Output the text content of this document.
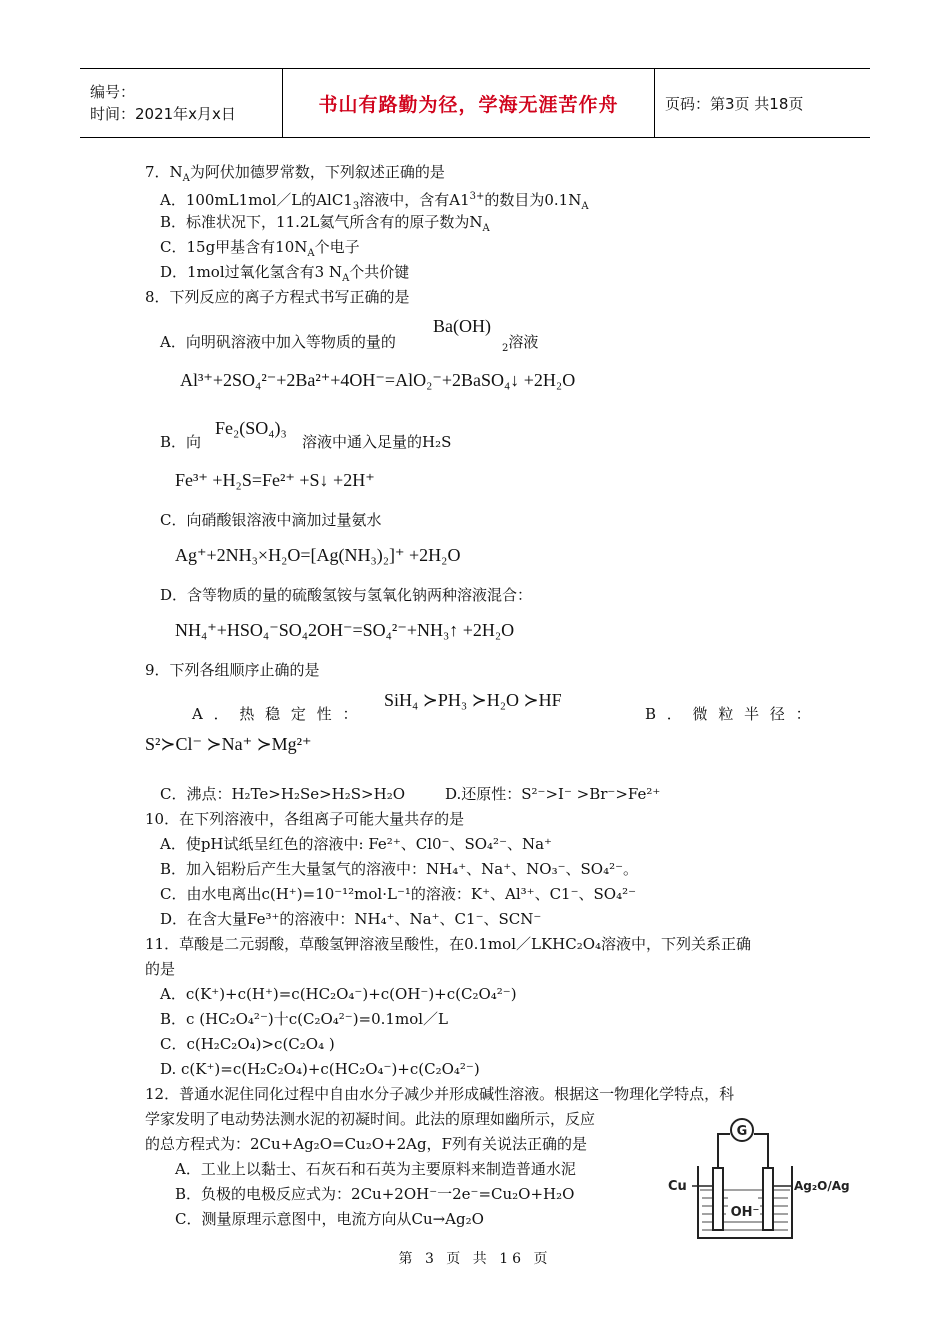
编号：
时间：2021年x月x日	书山有路勤为径，学海无涯苦作舟	页码：第3页 共18页
7．$N_A$为阿伏加德罗常数，下列叙述正确的是
A．100mL1mol／L的$AlC1_3$溶液中，含有$A1^{3+}$的数目为$0.1N_A$
B．标准状况下，11.2L氦气所含有的原子数为$N_A$
C．15g甲基含有$10N_A$个电子
D．1mol过氧化氢含有3 $N_A$个共价键
8．下列反应的离子方程式书写正确的是
A．向明矾溶液中加入等物质的量的
Ba(OH)
$_2$溶液
Al³⁺+2SO₄²⁻+2Ba²⁺+4OH⁻=AlO₂⁻+2BaSO₄↓ +2H₂O
B．向
Fe₂(SO₄)₃
溶液中通入足量的H₂S
Fe³⁺ +H₂S=Fe²⁺ +S↓ +2H⁺
C．向硝酸银溶液中滴加过量氨水
Ag⁺+2NH₃×H₂O=[Ag(NH₃)₂]⁺ +2H₂O
D．含等物质的量的硫酸氢铵与氢氧化钠两种溶液混合：
NH₄⁺+HSO₄⁻SO₄2OH⁻=SO₄²⁻+NH₃↑ +2H₂O
9．下列各组顺序止确的是
A ． 热 稳 定 性 ：
SiH₄ ≻PH₃ ≻H₂O ≻HF
B ． 微 粒 半 径 ：
S²≻Cl⁻ ≻Na⁺ ≻Mg²⁺
C．沸点：H₂Te>H₂Se>H₂S>H₂O	D.还原性：S²⁻>I⁻ >Br⁻>Fe²⁺
10．在下列溶液中，各组离子可能大量共存的是
A．使pH试纸呈红色的溶液中: Fe²⁺、Cl0⁻、SO₄²⁻、Na⁺
B．加入铝粉后产生大量氢气的溶液中：NH₄⁺、Na⁺、NO₃⁻、SO₄²⁻。
C．由水电离出c(H⁺)=10⁻¹²mol·L⁻¹的溶液：K⁺、Al³⁺、C1⁻、SO₄²⁻
D．在含大量Fe³⁺的溶液中：NH₄⁺、Na⁺、C1⁻、SCN⁻
11．草酸是二元弱酸，草酸氢钾溶液呈酸性，在0.1mol／LKHC₂O₄溶液中，下列关系正确
的是
A．c(K⁺)+c(H⁺)=c(HC₂O₄⁻)+c(OH⁻)+c(C₂O₄²⁻)
B．c (HC₂O₄²⁻)十c(C₂O₄²⁻)=0.1mol／L
C．c(H₂C₂O₄)>c(C₂O₄ )
D. c(K⁺)=c(H₂C₂O₄)+c(HC₂O₄⁻)+c(C₂O₄²⁻)
12．普通水泥住同化过程中自由水分子减少并形成碱性溶液。根据这一物理化学特点，科
学家发明了电动势法测水泥的初凝时间。此法的原理如幽所示，反应
的总方程式为：2Cu+Ag₂O=Cu₂O+2Ag，F列有关说法正确的是
A．工业上以黏士、石灰石和石英为主要原料来制造普通水泥
B．负极的电极反应式为：2Cu+2OH⁻一2e⁻=Cu₂O+H₂O
C．测量原理示意图中，电流方向从Cu→Ag₂O
G
OH⁻
Cu	Ag₂O/Ag
第 3 页 共 16 页
